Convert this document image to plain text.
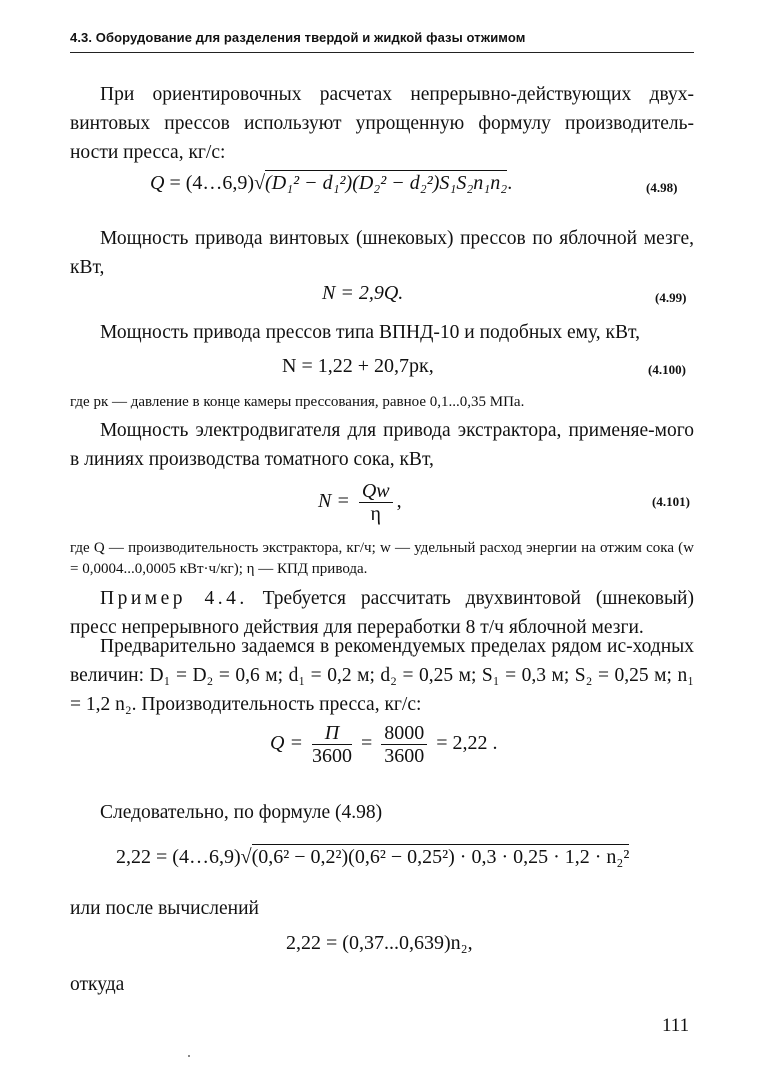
4.3. Оборудование для разделения твердой и жидкой фазы отжимом
При ориентировочных расчетах непрерывно-действующих двух-винтовых прессов используют упрощенную формулу производитель-ности пресса, кг/с:
Q = (4…6,9)√(D₁² − d₁²)(D₂² − d₂²)S₁S₂n₁n₂.	(4.98)
Мощность привода винтовых (шнековых) прессов по яблочной мезге, кВт,
N = 2,9Q.	(4.99)
Мощность привода прессов типа ВПНД-10 и подобных ему, кВт,
N = 1,22 + 20,7pк,	(4.100)
где pк — давление в конце камеры прессования, равное 0,1...0,35 МПа.
Мощность электродвигателя для привода экстрактора, применяе-мого в линиях производства томатного сока, кВт,
$N = \frac{Qw}{\eta}$ ,	(4.101)
где Q — производительность экстрактора, кг/ч; w — удельный расход энергии на отжим сока (w = 0,0004...0,0005 кВт·ч/кг); η — КПД привода.
Пример 4.4. Требуется рассчитать двухвинтовой (шнековый) пресс непрерывного действия для переработки 8 т/ч яблочной мезги.
Предварительно задаемся в рекомендуемых пределах рядом ис-ходных величин: D₁ = D₂ = 0,6 м; d₁ = 0,2 м; d₂ = 0,25 м; S₁ = 0,3 м; S₂ = 0,25 м; n₁ = 1,2 n₂. Производительность пресса, кг/с:
$Q = \frac{П}{3600} = \frac{8000}{3600} = 2,22$ .
Следовательно, по формуле (4.98)
2,22 = (4…6,9)√(0,6² − 0,2²)(0,6² − 0,25²) · 0,3 · 0,25 · 1,2 · n₂²
или после вычислений
2,22 = (0,37...0,639)n₂,
откуда
111
